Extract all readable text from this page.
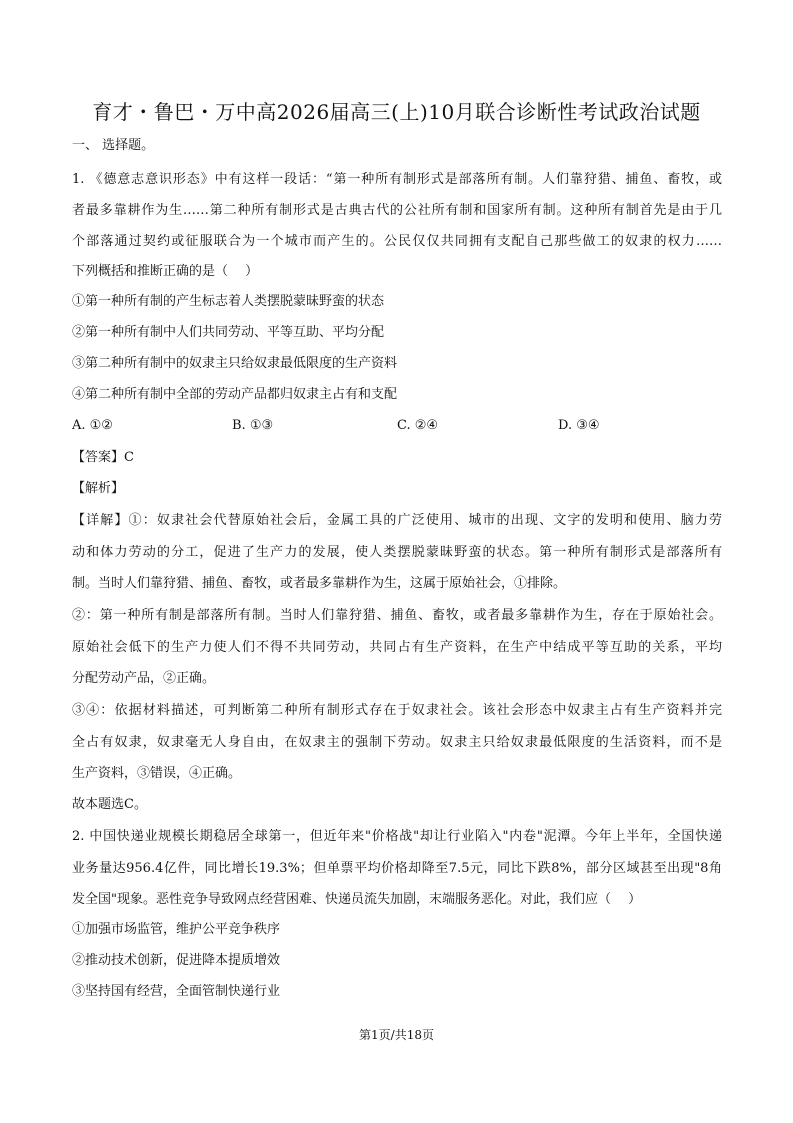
育才・鲁巴・万中高2026届高三(上)10月联合诊断性考试政治试题
一、 选择题。
1. 《德意志意识形态》中有这样一段话：“第一种所有制形式是部落所有制。人们靠狩猎、捕鱼、畜牧，或
者最多靠耕作为生……第二种所有制形式是古典古代的公社所有制和国家所有制。这种所有制首先是由于几
个部落通过契约或征服联合为一个城市而产生的。公民仅仅共同拥有支配自己那些做工的奴隶的权力……
下列概括和推断正确的是（　 ）
①第一种所有制的产生标志着人类摆脱蒙昧野蛮的状态
②第一种所有制中人们共同劳动、平等互助、平均分配
③第二种所有制中的奴隶主只给奴隶最低限度的生产资料
④第二种所有制中全部的劳动产品都归奴隶主占有和支配
A. ①②	B. ①③	C. ②④	D. ③④
【答案】C
【解析】
【详解】①：奴隶社会代替原始社会后，金属工具的广泛使用、城市的出现、文字的发明和使用、脑力劳
动和体力劳动的分工，促进了生产力的发展，使人类摆脱蒙昧野蛮的状态。第一种所有制形式是部落所有
制。当时人们靠狩猎、捕鱼、畜牧，或者最多靠耕作为生，这属于原始社会，①排除。
②：第一种所有制是部落所有制。当时人们靠狩猎、捕鱼、畜牧，或者最多靠耕作为生，存在于原始社会。
原始社会低下的生产力使人们不得不共同劳动，共同占有生产资料，在生产中结成平等互助的关系，平均
分配劳动产品，②正确。
③④：依据材料描述，可判断第二种所有制形式存在于奴隶社会。该社会形态中奴隶主占有生产资料并完
全占有奴隶，奴隶毫无人身自由，在奴隶主的强制下劳动。奴隶主只给奴隶最低限度的生活资料，而不是
生产资料，③错误，④正确。
故本题选C。
2. 中国快递业规模长期稳居全球第一，但近年来"价格战"却让行业陷入"内卷"泥潭。今年上半年，全国快递
业务量达956.4亿件，同比增长19.3%；但单票平均价格却降至7.5元，同比下跌8%，部分区域甚至出现"8角
发全国"现象。恶性竞争导致网点经营困难、快递员流失加剧，末端服务恶化。对此，我们应（　 ）
①加强市场监管，维护公平竞争秩序
②推动技术创新，促进降本提质增效
③坚持国有经营，全面管制快递行业
第1页/共18页
